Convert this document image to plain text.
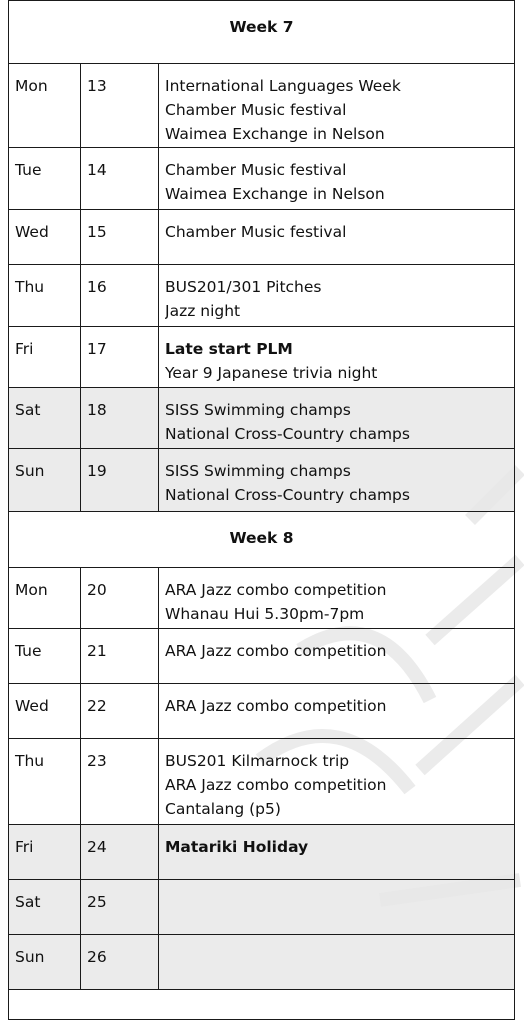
Week 7		
Mon	13	International Languages Week
Chamber Music festival
Waimea Exchange in Nelson

Tue	14	Chamber Music festival
Waimea Exchange in Nelson

Wed	15	Chamber Music festival

Thu	16	BUS201/301 Pitches
Jazz night

Fri	17	Late start PLM
Year 9 Japanese trivia night

Sat	18	SISS Swimming champs
National Cross-Country champs

Sun	19	SISS Swimming champs
National Cross-Country champs

Week 8		
Mon	20	ARA Jazz combo competition
Whanau Hui 5.30pm-7pm

Tue	21	ARA Jazz combo competition

Wed	22	ARA Jazz combo competition

Thu	23	BUS201 Kilmarnock trip
ARA Jazz combo competition
Cantalang (p5)

Fri	24	Matariki Holiday

Sat	25	
Sun	26	
